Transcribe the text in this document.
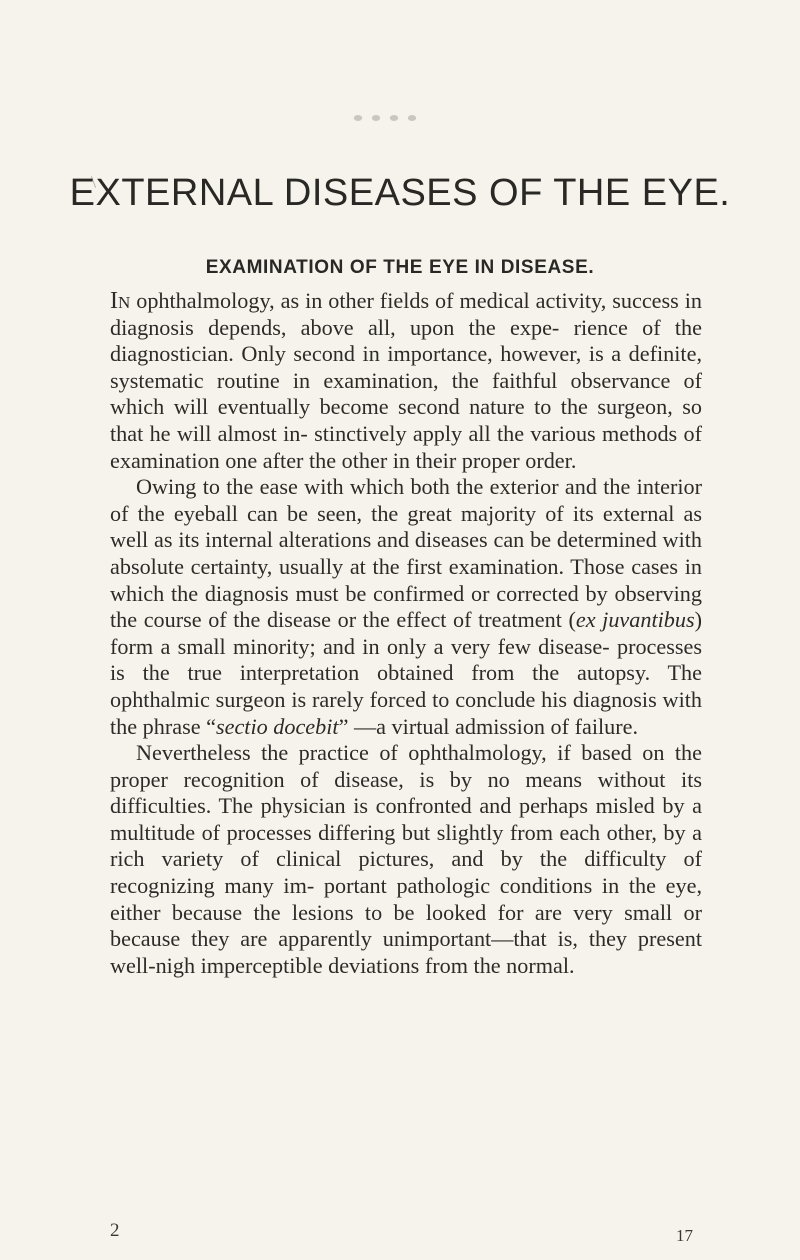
EXTERNAL DISEASES OF THE EYE.
EXAMINATION OF THE EYE IN DISEASE.

In ophthalmology, as in other fields of medical activity, success in diagnosis depends, above all, upon the expe- rience of the diagnostician. Only second in importance, however, is a definite, systematic routine in examination, the faithful observance of which will eventually become second nature to the surgeon, so that he will almost in- stinctively apply all the various methods of examination one after the other in their proper order.

Owing to the ease with which both the exterior and the interior of the eyeball can be seen, the great majority of its external as well as its internal alterations and diseases can be determined with absolute certainty, usually at the first examination. Those cases in which the diagnosis must be confirmed or corrected by observing the course of the disease or the effect of treatment (ex juvantibus) form a small minority; and in only a very few disease- processes is the true interpretation obtained from the autopsy. The ophthalmic surgeon is rarely forced to conclude his diagnosis with the phrase “sectio docebit” —a virtual admission of failure.

Nevertheless the practice of ophthalmology, if based on the proper recognition of disease, is by no means without its difficulties. The physician is confronted and perhaps misled by a multitude of processes differing but slightly from each other, by a rich variety of clinical pictures, and by the difficulty of recognizing many im- portant pathologic conditions in the eye, either because the lesions to be looked for are very small or because they are apparently unimportant—that is, they present well-nigh imperceptible deviations from the normal.

2	17
